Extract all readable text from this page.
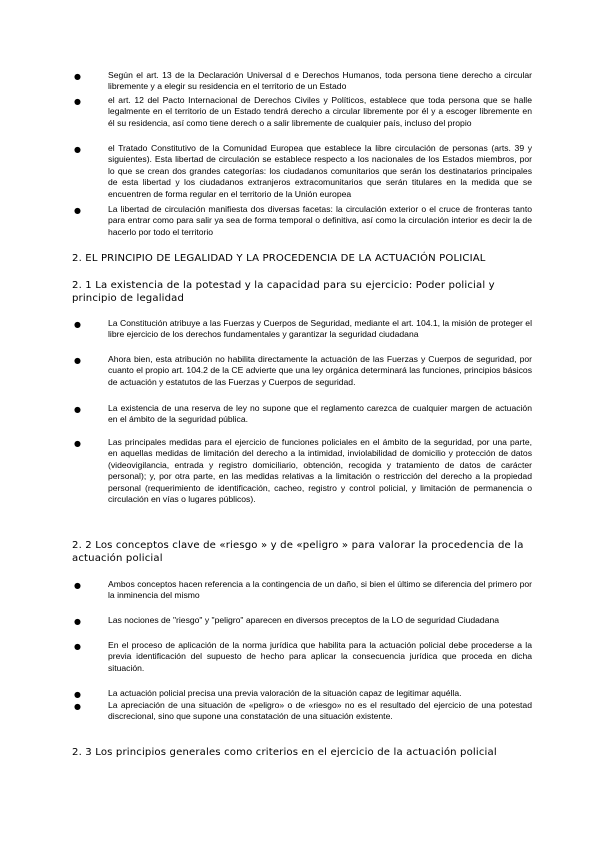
●	Según el art. 13 de la Declaración Universal d e Derechos Humanos, toda persona tiene derecho a circular libremente y a elegir su residencia en el territorio de un Estado
●	el art. 12 del Pacto Internacional de Derechos Civiles y Políticos, establece que toda persona que se halle legalmente en el territorio de un Estado tendrá derecho a circular libremente por él y a escoger libremente en él su residencia, así como tiene derech o a salir libremente de cualquier país, incluso del propio
●	el Tratado Constitutivo de la Comunidad Europea que establece la libre circulación de personas (arts. 39 y siguientes). Esta libertad de circulación se establece respecto a los nacionales de los Estados miembros, por lo que se crean dos grandes categorías: los ciudadanos comunitarios que serán los destinatarios principales de esta libertad y los ciudadanos extranjeros extracomunitarios que serán titulares en la medida que se encuentren de forma regular en el territorio de la Unión europea
●	La libertad de circulación manifiesta dos diversas facetas: la circulación exterior o el cruce de fronteras tanto para entrar como para salir ya sea de forma temporal o definitiva, así como la circulación interior es decir la de hacerlo por todo el territorio
2. EL PRINCIPIO DE LEGALIDAD Y LA PROCEDENCIA DE LA ACTUACIÓN POLICIAL
2. 1 La existencia de la potestad y la capacidad para su ejercicio: Poder policial y principio de legalidad
●	La Constitución atribuye a las Fuerzas y Cuerpos de Seguridad, mediante el art. 104.1, la misión de proteger el libre ejercicio de los derechos fundamentales y garantizar la seguridad ciudadana
●	Ahora bien, esta atribución no habilita directamente la actuación de las Fuerzas y Cuerpos de seguridad, por cuanto el propio art. 104.2 de la CE advierte que una ley orgánica determinará las funciones, principios básicos de actuación y estatutos de las Fuerzas y Cuerpos de seguridad.
●	La existencia de una reserva de ley no supone que el reglamento carezca de cualquier margen de actuación en el ámbito de la seguridad pública.
●	Las principales medidas para el ejercicio de funciones policiales en el ámbito de la seguridad, por una parte, en aquellas medidas de limitación del derecho a la intimidad, inviolabilidad de domicilio y protección de datos (videovigilancia, entrada y registro domiciliario, obtención, recogida y tratamiento de datos de carácter personal); y, por otra parte, en las medidas relativas a la limitación o restricción del derecho a la propiedad personal (requerimiento de identificación, cacheo, registro y control policial, y limitación de permanencia o circulación en vías o lugares públicos).
2. 2 Los conceptos clave de «riesgo » y de «peligro » para valorar la procedencia de la actuación policial
●	Ambos conceptos hacen referencia a la contingencia de un daño, si bien el último se diferencia del primero por la inminencia del mismo
●	Las nociones de "riesgo" y "peligro" aparecen en diversos preceptos de la LO de seguridad Ciudadana
●	En el proceso de aplicación de la norma jurídica que habilita para la actuación policial debe procederse a la previa identificación del supuesto de hecho para aplicar la consecuencia jurídica que proceda en dicha situación.
●	La actuación policial precisa una previa valoración de la situación capaz de legitimar aquélla.
●	La apreciación de una situación de «peligro» o de «riesgo» no es el resultado del ejercicio de una potestad discrecional, sino que supone una constatación de una situación existente.
2. 3 Los principios generales como criterios en el ejercicio de la actuación policial
